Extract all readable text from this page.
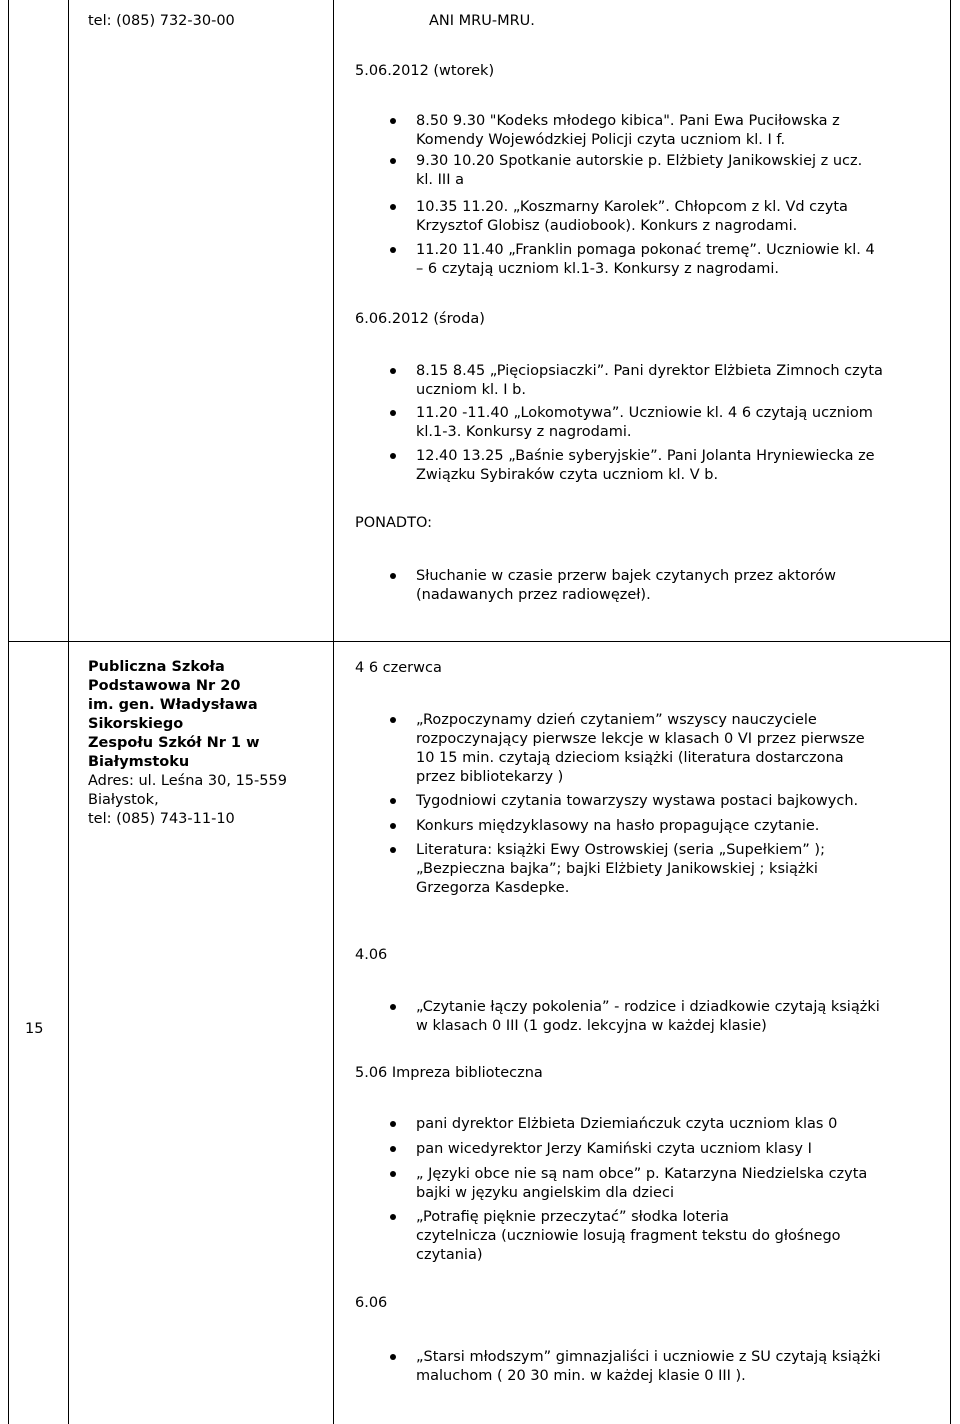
tel: (085) 732-30-00	ANI MRU-MRU.
5.06.2012 (wtorek)
8.50 9.30 "Kodeks młodego kibica". Pani Ewa Puciłowska z
Komendy Wojewódzkiej Policji czyta uczniom kl. I f.
9.30 10.20 Spotkanie autorskie p. Elżbiety Janikowskiej z ucz.
kl. III a
10.35 11.20. „Koszmarny Karolek”. Chłopcom z kl. Vd czyta
Krzysztof Globisz (audiobook). Konkurs z nagrodami.
11.20 11.40 „Franklin pomaga pokonać tremę”. Uczniowie kl. 4
– 6 czytają uczniom kl.1-3. Konkursy z nagrodami.
6.06.2012 (środa)
8.15 8.45 „Pięciopsiaczki”. Pani dyrektor Elżbieta Zimnoch czyta
uczniom kl. I b.
11.20 -11.40 „Lokomotywa”. Uczniowie kl. 4 6 czytają uczniom
kl.1-3. Konkursy z nagrodami.
12.40 13.25 „Baśnie syberyjskie”. Pani Jolanta Hryniewiecka ze
Związku Sybiraków czyta uczniom kl. V b.
PONADTO:
Słuchanie w czasie przerw bajek czytanych przez aktorów
(nadawanych przez radiowęzeł).
15
Publiczna Szkoła
Podstawowa Nr 20
im. gen. Władysława
Sikorskiego
Zespołu Szkół Nr 1 w
Białymstoku
Adres: ul. Leśna 30, 15-559
Białystok,
tel: (085) 743-11-10
4 6 czerwca
„Rozpoczynamy dzień czytaniem” wszyscy nauczyciele
rozpoczynający pierwsze lekcje w klasach 0 VI przez pierwsze
10 15 min. czytają dzieciom książki (literatura dostarczona
przez bibliotekarzy )
Tygodniowi czytania towarzyszy wystawa postaci bajkowych.
Konkurs międzyklasowy na hasło propagujące czytanie.
Literatura: książki Ewy Ostrowskiej (seria „Supełkiem” );
„Bezpieczna bajka”; bajki Elżbiety Janikowskiej ; książki
Grzegorza Kasdepke.
4.06
„Czytanie łączy pokolenia” - rodzice i dziadkowie czytają książki
w klasach 0 III (1 godz. lekcyjna w każdej klasie)
5.06 Impreza biblioteczna
pani dyrektor Elżbieta Dziemiańczuk czyta uczniom klas 0
pan wicedyrektor Jerzy Kamiński czyta uczniom klasy I
„ Języki obce nie są nam obce” p. Katarzyna Niedzielska czyta
bajki w języku angielskim dla dzieci
„Potrafię pięknie przeczytać” słodka loteria
czytelnicza (uczniowie losują fragment tekstu do głośnego
czytania)
6.06
„Starsi młodszym” gimnazjaliści i uczniowie z SU czytają książki
maluchom ( 20 30 min. w każdej klasie 0 III ).
